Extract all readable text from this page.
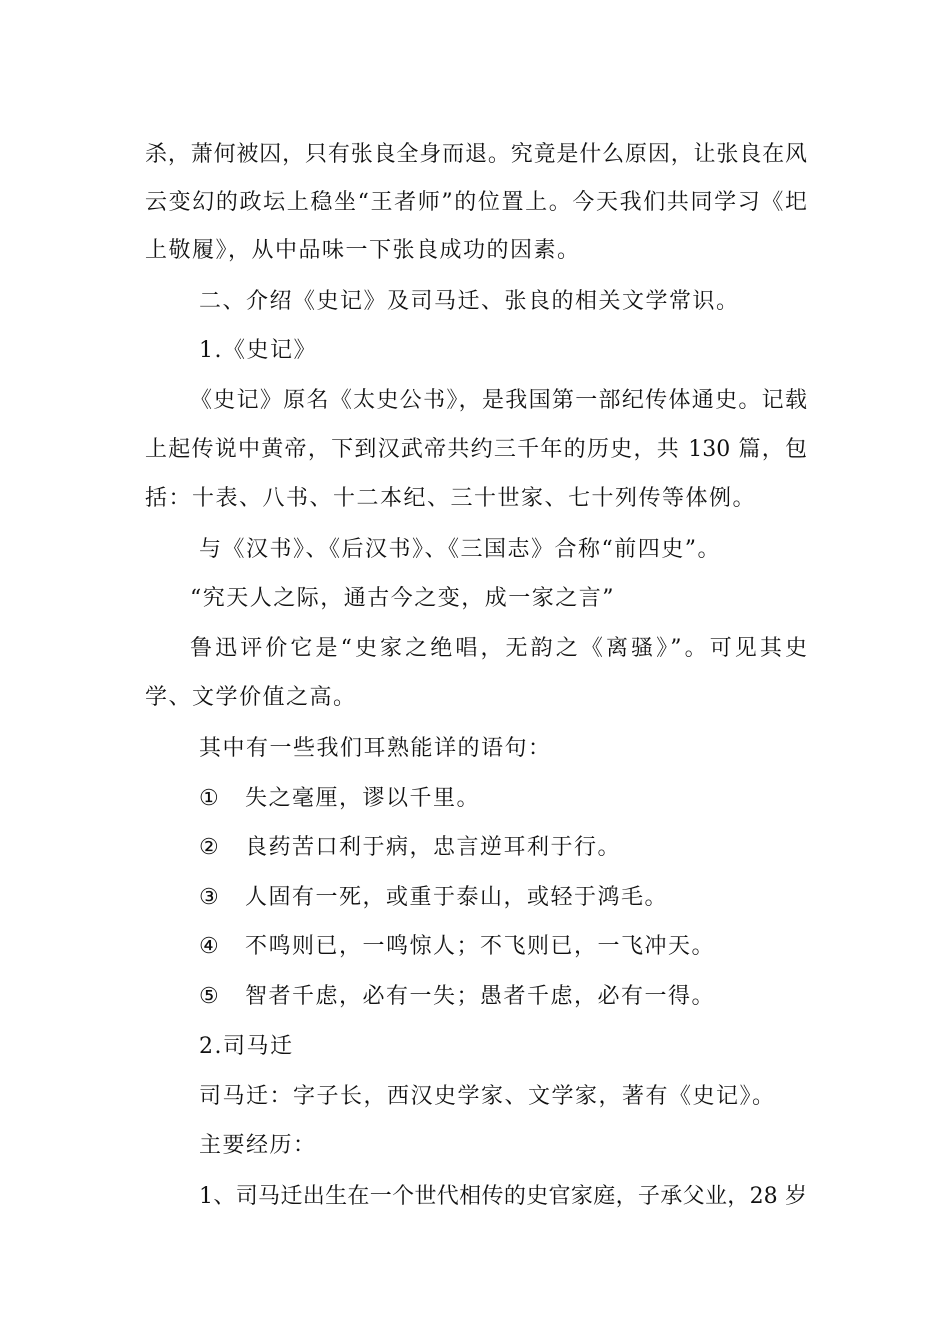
杀，萧何被囚，只有张良全身而退。究竟是什么原因，让张良在风
云变幻的政坛上稳坐“王者师”的位置上。今天我们共同学习《圯
上敬履》，从中品味一下张良成功的因素。
二、介绍《史记》及司马迁、张良的相关文学常识。
1.《史记》
《史记》原名《太史公书》，是我国第一部纪传体通史。记载
上起传说中黄帝，下到汉武帝共约三千年的历史，共 130 篇，包
括：十表、八书、十二本纪、三十世家、七十列传等体例。
与《汉书》、《后汉书》、《三国志》合称“前四史”。
“究天人之际，通古今之变，成一家之言”
鲁迅评价它是“史家之绝唱，无韵之《离骚》”。可见其史
学、文学价值之高。
其中有一些我们耳熟能详的语句：
① 失之毫厘，谬以千里。
② 良药苦口利于病，忠言逆耳利于行。
③ 人固有一死，或重于泰山，或轻于鸿毛。
④ 不鸣则已，一鸣惊人；不飞则已，一飞冲天。
⑤ 智者千虑，必有一失；愚者千虑，必有一得。
2.司马迁
司马迁：字子长，西汉史学家、文学家，著有《史记》。
主要经历：
1、司马迁出生在一个世代相传的史官家庭，子承父业，28 岁
